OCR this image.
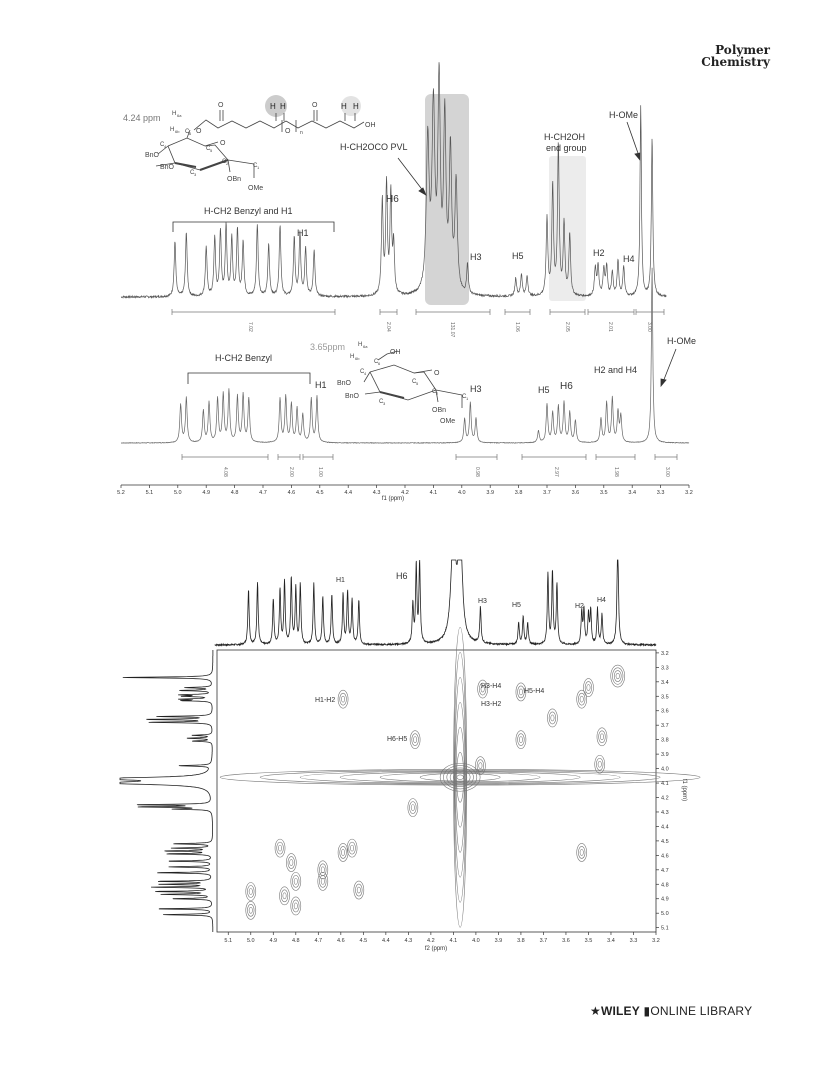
Polymer
Chemistry
7.02	2.04	131.07	1.06	2.05	2.01	3.00
4.08	2.00	1.00	0.98	2.97	1.98	3.00
5.2	5.1	5.0	4.9	4.8	4.7	4.6	4.5	4.4	4.3	4.2	4.1	4.0	3.9	3.8	3.7	3.6	3.5	3.4	3.3	3.2
f1 (ppm)
H-CH2 Benzyl and H1
H1
H6
H-CH2OCO PVL
H3	H5
H-CH2OH
end group
H2
H4
H-OMe
H-CH2 Benzyl
H1	H3	H5 H6
H2 and H4
H-OMe
4.24 ppm H 6a
H 6b C 6
C 4	C 5
O
BnO
BnO
C 3
C 2	C 1
OBn
OMe
O
O
O
O
H H	H H
OH
n
3.65ppm H 6a
H 6b
C 6
OH
C 4
C 5
O
BnO
BnO
C 3
C 2
C 1
OBn
OMe
5.1	5.0	4.9	4.8	4.7	4.6	4.5	4.4	4.3	4.2	4.1	4.0	3.9	3.8	3.7	3.6	3.5	3.4	3.3	3.2
3.2
3.3
3.4
3.5
3.6
3.7
3.8
3.9
4.0
4.1
4.2
4.3
4.4
4.5
4.6
4.7
4.8
4.9
5.0
5.1
f2 (ppm)
f1 (ppm)
H1	H6
H3
H5	H2
H4
H1-H2
H3-H4
H3-H2
H5-H4
H6-H5
★WILEY ▮ONLINE LIBRARY
